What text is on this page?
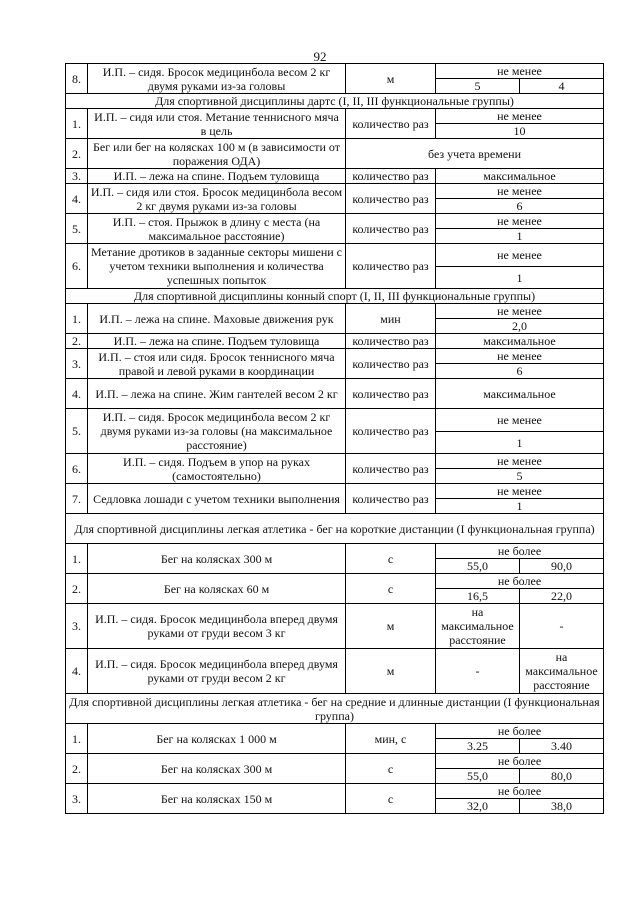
92
8.	И.П. – сидя. Бросок медицинбола весом 2 кг двумя руками из-за головы	м	не менее	
			5	4
Для спортивной дисциплины дартс (I, II, III функциональные группы)				
1.	И.П. – сидя или стоя. Метание теннисного мяча в цель	количество раз	не менее	
			10	
2.	Бег или бег на колясках 100 м (в зависимости от поражения ОДА)	без учета времени		
3.	И.П. – лежа на спине. Подъем туловища	количество раз	максимальное	
4.	И.П. – сидя или стоя. Бросок медицинбола весом 2 кг двумя руками из-за головы	количество раз	не менее	
			6	
5.	И.П. – стоя. Прыжок в длину с места (на максимальное расстояние)	количество раз	не менее	
			1	
6.	Метание дротиков в заданные секторы мишени с учетом техники выполнения и количества успешных попыток	количество раз	не менее	
			1	
Для спортивной дисциплины конный спорт (I, II, III функциональные группы)				
1.	И.П. – лежа на спине. Маховые движения рук	мин	не менее	
			2,0	
2.	И.П. – лежа на спине. Подъем туловища	количество раз	максимальное	
3.	И.П. – стоя или сидя. Бросок теннисного мяча правой и левой руками в координации	количество раз	не менее	
			6	
4.	И.П. – лежа на спине. Жим гантелей весом 2 кг	количество раз	максимальное	
5.	И.П. – сидя. Бросок медицинбола весом 2 кг двумя руками из-за головы (на максимальное расстояние)	количество раз	не менее	
			1	
6.	И.П. – сидя. Подъем в упор на руках (самостоятельно)	количество раз	не менее	
			5	
7.	Седловка лошади с учетом техники выполнения	количество раз	не менее	
			1	
Для спортивной дисциплины легкая атлетика - бег на короткие дистанции (I функциональная группа)				
1.	Бег на колясках 300 м	с	не более	
			55,0	90,0
2.	Бег на колясках 60 м	с	не более	
			16,5	22,0
3.	И.П. – сидя. Бросок медицинбола вперед двумя руками от груди весом 3 кг	м	на максимальное расстояние	-
4.	И.П. – сидя. Бросок медицинбола вперед двумя руками от груди весом 2 кг	м	-	на максимальное расстояние
Для спортивной дисциплины легкая атлетика - бег на средние и длинные дистанции (I функциональная группа)				
1.	Бег на колясках 1 000 м	мин, с	не более	
			3.25	3.40
2.	Бег на колясках 300 м	с	не более	
			55,0	80,0
3.	Бег на колясках 150 м	с	не более	
			32,0	38,0
